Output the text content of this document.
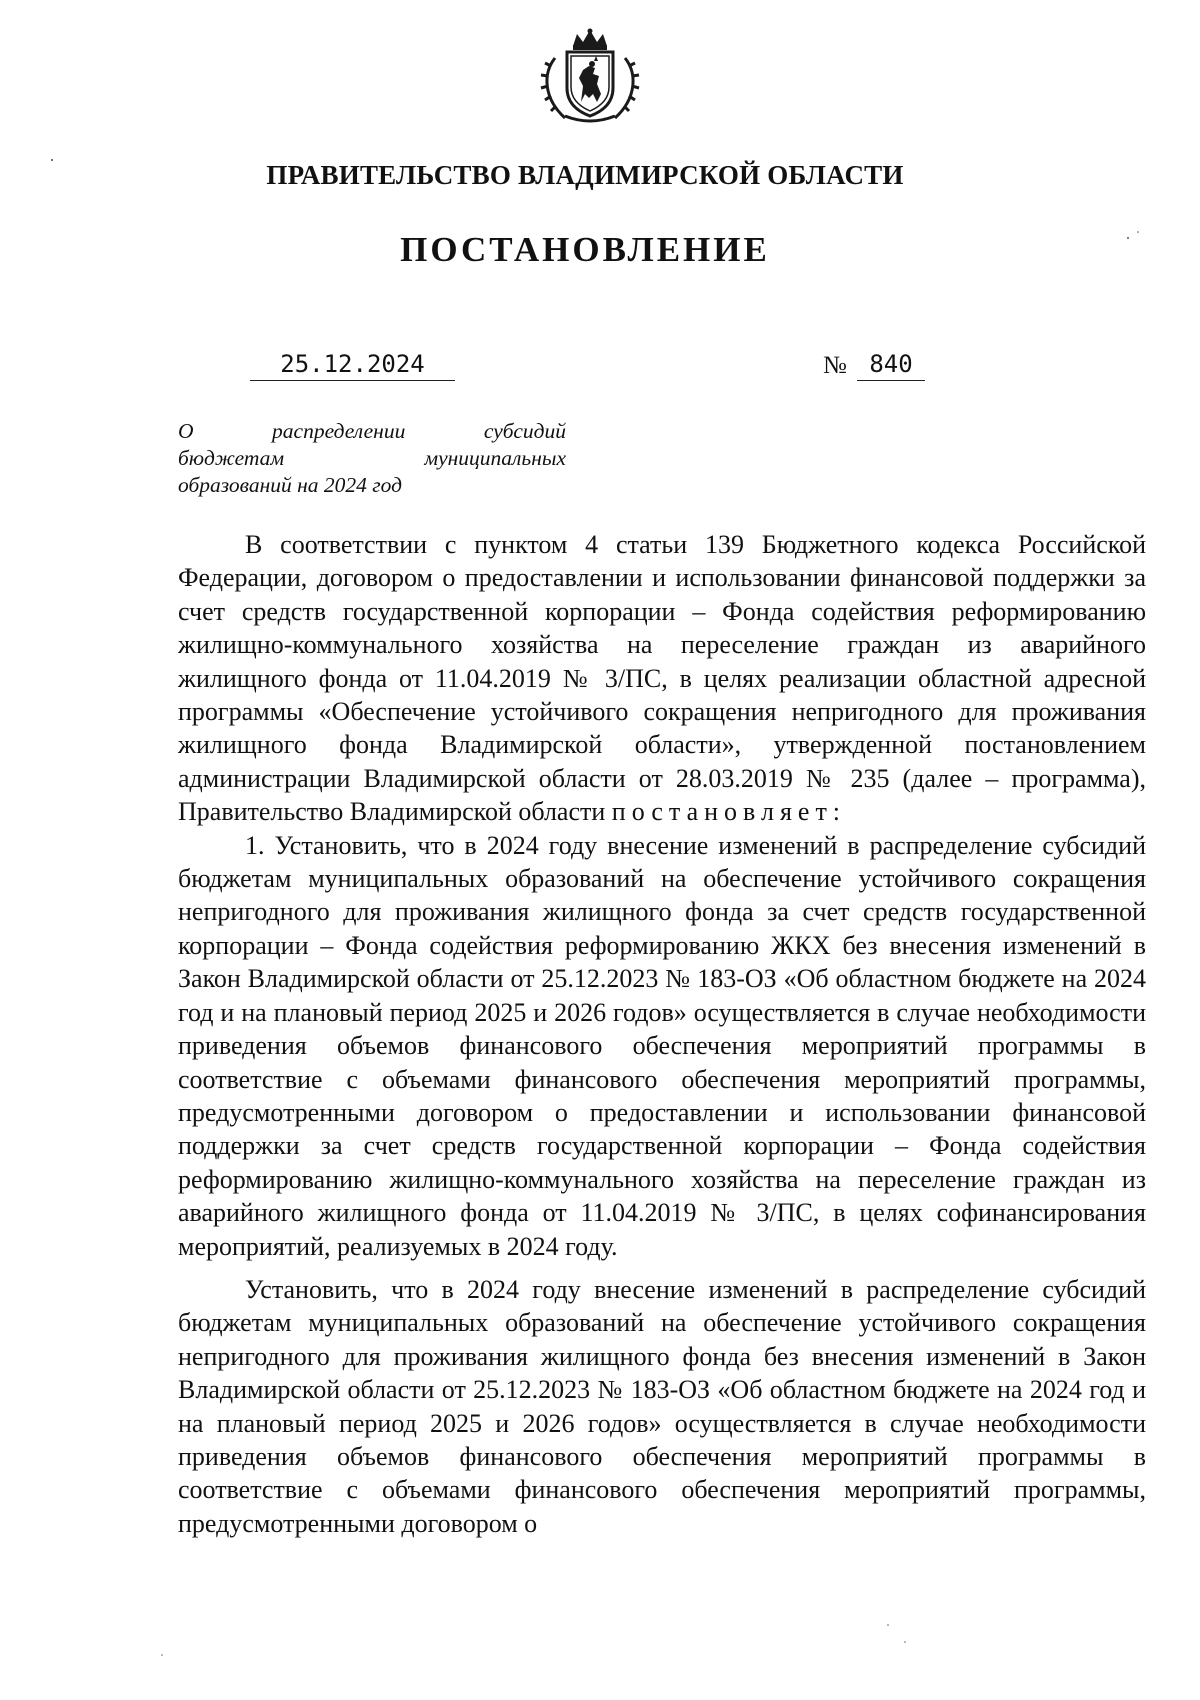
ПРАВИТЕЛЬСТВО ВЛАДИМИРСКОЙ ОБЛАСТИ
ПОСТАНОВЛЕНИЕ
25.12.2024	№ 840
О распределении субсидий
бюджетам муниципальных
образований на 2024 год

В соответствии с пунктом 4 статьи 139 Бюджетного кодекса Российской Федерации, договором о предоставлении и использовании финансовой поддержки за счет средств государственной корпорации – Фонда содействия реформированию жилищно-коммунального хозяйства на переселение граждан из аварийного жилищного фонда от 11.04.2019 № 3/ПС, в целях реализации областной адресной программы «Обеспечение устойчивого сокращения непригодного для проживания жилищного фонда Владимирской области», утвержденной постановлением администрации Владимирской области от 28.03.2019 № 235 (далее – программа), Правительство Владимирской области постановляет:

1. Установить, что в 2024 году внесение изменений в распределение субсидий бюджетам муниципальных образований на обеспечение устойчивого сокращения непригодного для проживания жилищного фонда за счет средств государственной корпорации – Фонда содействия реформированию ЖКХ без внесения изменений в Закон Владимирской области от 25.12.2023 № 183-ОЗ «Об областном бюджете на 2024 год и на плановый период 2025 и 2026 годов» осуществляется в случае необходимости приведения объемов финансового обеспечения мероприятий программы в соответствие с объемами финансового обеспечения мероприятий программы, предусмотренными договором о предоставлении и использовании финансовой поддержки за счет средств государственной корпорации – Фонда содействия реформированию жилищно-коммунального хозяйства на переселение граждан из аварийного жилищного фонда от 11.04.2019 № 3/ПС, в целях софинансирования мероприятий, реализуемых в 2024 году.

Установить, что в 2024 году внесение изменений в распределение субсидий бюджетам муниципальных образований на обеспечение устойчивого сокращения непригодного для проживания жилищного фонда без внесения изменений в Закон Владимирской области от 25.12.2023 № 183-ОЗ «Об областном бюджете на 2024 год и на плановый период 2025 и 2026 годов» осуществляется в случае необходимости приведения объемов финансового обеспечения мероприятий программы в соответствие с объемами финансового обеспечения мероприятий программы, предусмотренными договором о
